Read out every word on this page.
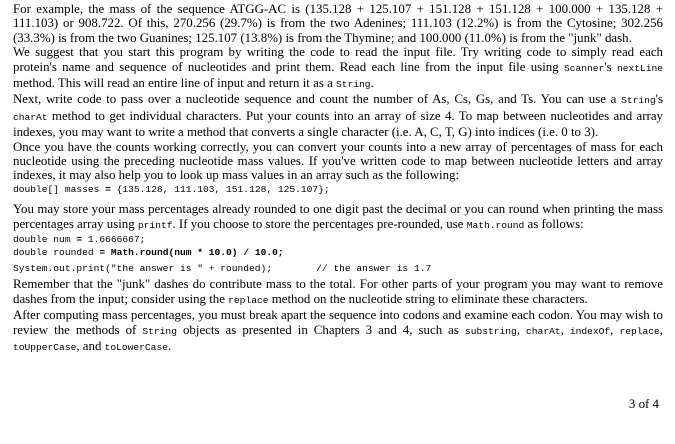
For example, the mass of the sequence ATGG-AC is (135.128 + 125.107 + 151.128 + 151.128 + 100.000 + 135.128 + 111.103) or 908.722. Of this, 270.256 (29.7%) is from the two Adenines; 111.103 (12.2%) is from the Cytosine; 302.256 (33.3%) is from the two Guanines; 125.107 (13.8%) is from the Thymine; and 100.000 (11.0%) is from the "junk" dash.

We suggest that you start this program by writing the code to read the input file. Try writing code to simply read each protein's name and sequence of nucleotides and print them. Read each line from the input file using Scanner's nextLine method. This will read an entire line of input and return it as a String.

Next, write code to pass over a nucleotide sequence and count the number of As, Cs, Gs, and Ts. You can use a String's charAt method to get individual characters. Put your counts into an array of size 4. To map between nucleotides and array indexes, you may want to write a method that converts a single character (i.e. A, C, T, G) into indices (i.e. 0 to 3).

Once you have the counts working correctly, you can convert your counts into a new array of percentages of mass for each nucleotide using the preceding nucleotide mass values. If you've written code to map between nucleotide letters and array indexes, it may also help you to look up mass values in an array such as the following:

double[] masses = {135.128, 111.103, 151.128, 125.107};

You may store your mass percentages already rounded to one digit past the decimal or you can round when printing the mass percentages array using printf. If you choose to store the percentages pre-rounded, use Math.round as follows:

double num = 1.6666667;
double rounded = Math.round(num * 10.0) / 10.0;
System.out.print("the answer is " + rounded);	// the answer is 1.7

Remember that the "junk" dashes do contribute mass to the total. For other parts of your program you may want to remove dashes from the input; consider using the replace method on the nucleotide string to eliminate these characters.

After computing mass percentages, you must break apart the sequence into codons and examine each codon. You may wish to review the methods of String objects as presented in Chapters 3 and 4, such as substring, charAt, indexOf, replace, toUpperCase, and toLowerCase.

3 of 4
